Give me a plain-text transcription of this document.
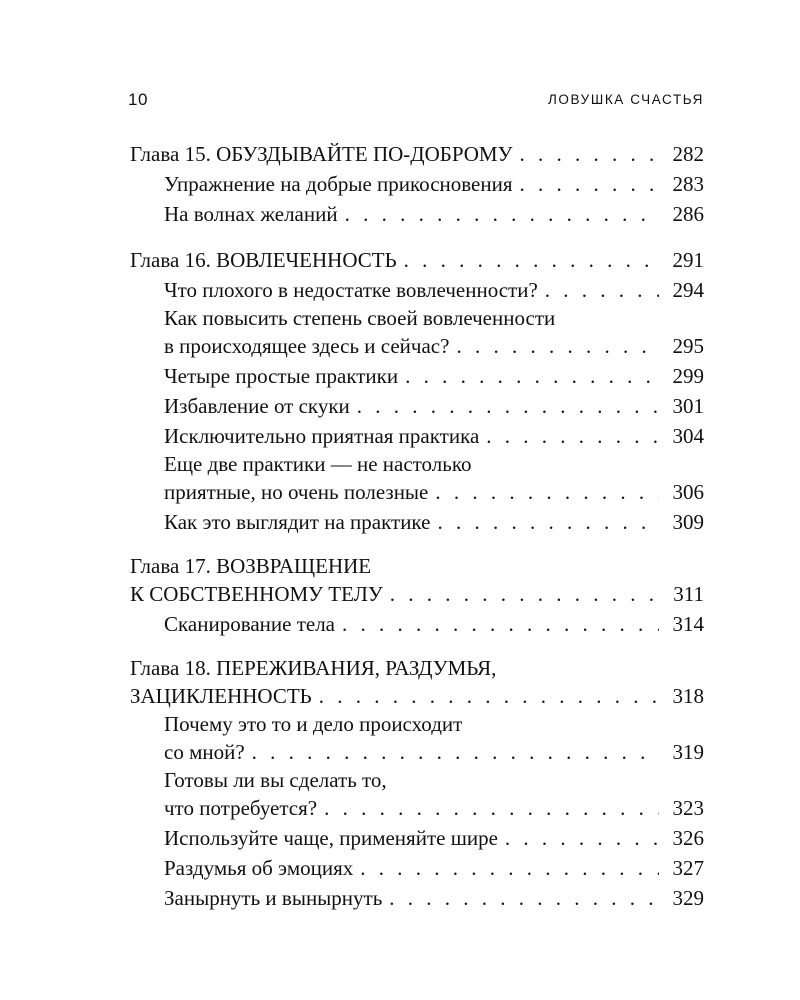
10	ЛОВУШКА СЧАСТЬЯ
Глава 15. ОБУЗДЫВАЙТЕ ПО-ДОБРОМУ . . .	282
Упражнение на добрые прикосновения . . .	283
На волнах желаний . . .	286
Глава 16. ВОВЛЕЧЕННОСТЬ . . .	291
Что плохого в недостатке вовлеченности? . . .	294
Как повысить степень своей вовлеченности
в происходящее здесь и сейчас? . . .	295
Четыре простые практики . . .	299
Избавление от скуки . . .	301
Исключительно приятная практика . . .	304
Еще две практики — не настолько
приятные, но очень полезные . . .	306
Как это выглядит на практике . . .	309
Глава 17. ВОЗВРАЩЕНИЕ
К СОБСТВЕННОМУ ТЕЛУ . . .	311
Сканирование тела . . .	314
Глава 18. ПЕРЕЖИВАНИЯ, РАЗДУМЬЯ,
ЗАЦИКЛЕННОСТЬ . . .	318
Почему это то и дело происходит
со мной? . . .	319
Готовы ли вы сделать то,
что потребуется? . . .	323
Используйте чаще, применяйте шире . . .	326
Раздумья об эмоциях . . .	327
Занырнуть и вынырнуть . . .	329
